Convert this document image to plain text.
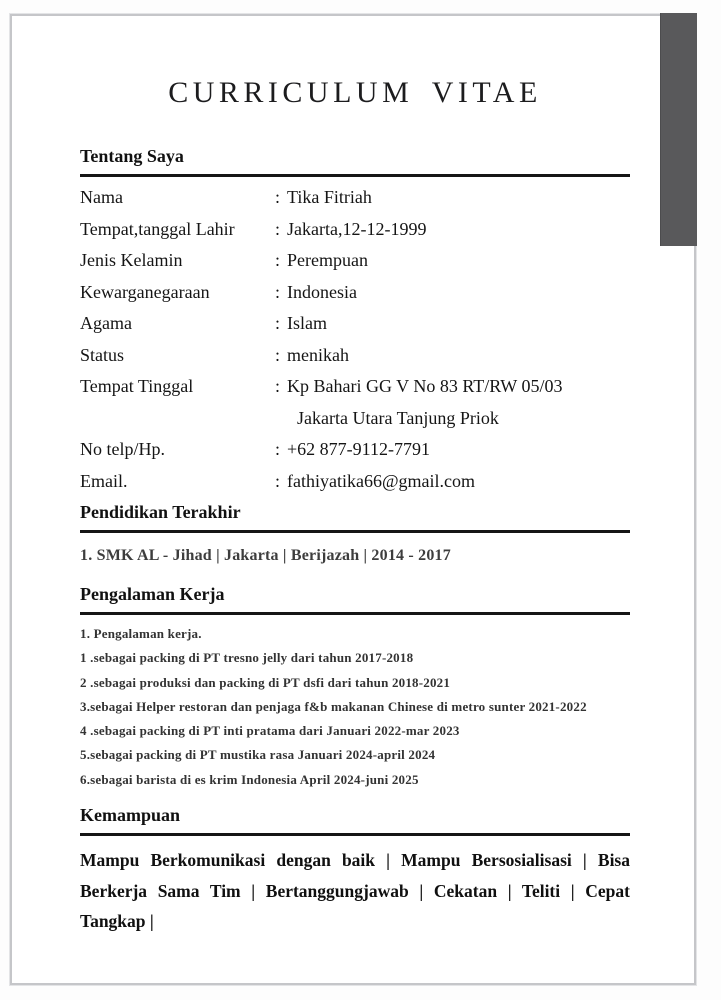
CURRICULUM VITAE
Tentang Saya
Nama	: Tika Fitriah
Tempat,tanggal Lahir	: Jakarta,12-12-1999
Jenis Kelamin	: Perempuan
Kewarganegaraan	: Indonesia
Agama	: Islam
Status	: menikah
Tempat Tinggal	: Kp Bahari GG V No 83 RT/RW 05/03
Jakarta Utara Tanjung Priok
No telp/Hp.	: +62 877-9112-7791
Email.	: fathiyatika66@gmail.com
Pendidikan Terakhir
1. SMK AL - Jihad | Jakarta | Berijazah | 2014 - 2017
Pengalaman Kerja
1. Pengalaman kerja.
1 .sebagai packing di PT tresno jelly dari tahun 2017-2018
2 .sebagai produksi dan packing di PT dsfi dari tahun 2018-2021
3.sebagai Helper restoran dan penjaga f&b makanan Chinese di metro sunter 2021-2022
4 .sebagai packing di PT inti pratama dari Januari 2022-mar 2023
5.sebagai packing di PT mustika rasa Januari 2024-april 2024
6.sebagai barista di es krim Indonesia April 2024-juni 2025
Kemampuan
Mampu Berkomunikasi dengan baik | Mampu Bersosialisasi | Bisa Berkerja Sama Tim | Bertanggungjawab | Cekatan | Teliti | Cepat Tangkap |
